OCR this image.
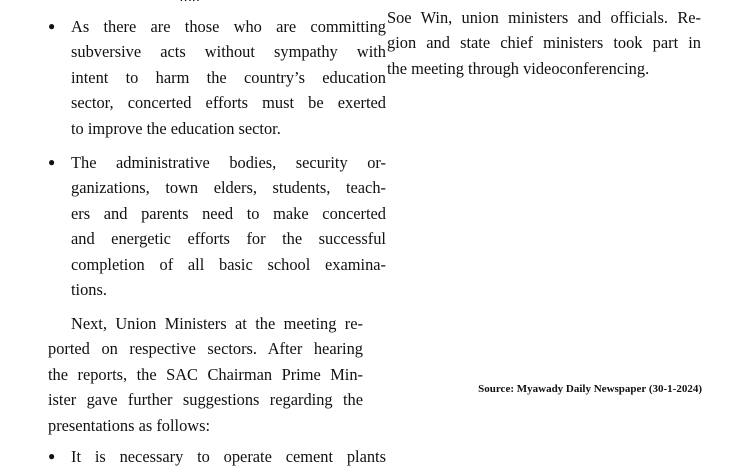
● As there are those who are committing

subversive acts without sympathy with

intent to harm the country’s education

sector, concerted efforts must be exerted

to improve the education sector.

● The administrative bodies, security or-

ganizations, town elders, students, teach-

ers and parents need to make concerted

and energetic efforts for the successful

completion of all basic school examina-

tions.

Next, Union Ministers at the meeting re-

ported on respective sectors. After hearing

the reports, the SAC Chairman Prime Min-

ister gave further suggestions regarding the

presentations as follows:

● It is necessary to operate cement plants

Soe Win, union ministers and officials. Re-

gion and state chief ministers took part in

the meeting through videoconferencing.

Source: Myawady Daily Newspaper (30-1-2024)
